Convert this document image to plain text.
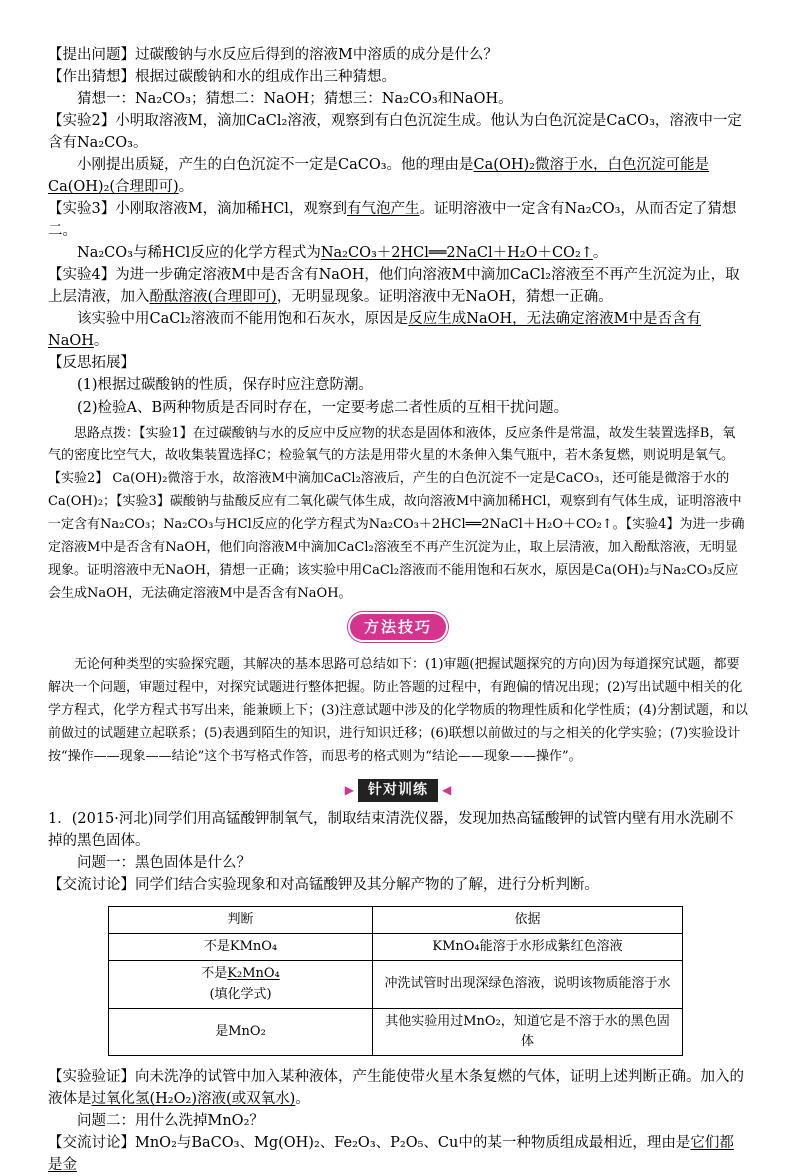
【提出问题】过碳酸钠与水反应后得到的溶液M中溶质的成分是什么？

【作出猜想】根据过碳酸钠和水的组成作出三种猜想。

猜想一：Na₂CO₃；猜想二：NaOH；猜想三：Na₂CO₃和NaOH。

【实验2】小明取溶液M，滴加CaCl₂溶液，观察到有白色沉淀生成。他认为白色沉淀是CaCO₃，溶液中一定含有Na₂CO₃。

小刚提出质疑，产生的白色沉淀不一定是CaCO₃。他的理由是Ca(OH)₂微溶于水，白色沉淀可能是Ca(OH)₂(合理即可)。

【实验3】小刚取溶液M，滴加稀HCl，观察到有气泡产生。证明溶液中一定含有Na₂CO₃，从而否定了猜想二。

Na₂CO₃与稀HCl反应的化学方程式为Na₂CO₃＋2HCl══2NaCl＋H₂O＋CO₂↑。

【实验4】为进一步确定溶液M中是否含有NaOH，他们向溶液M中滴加CaCl₂溶液至不再产生沉淀为止，取上层清液，加入酚酞溶液(合理即可)，无明显现象。证明溶液中无NaOH，猜想一正确。

该实验中用CaCl₂溶液而不能用饱和石灰水，原因是反应生成NaOH，无法确定溶液M中是否含有NaOH。

【反思拓展】

(1)根据过碳酸钠的性质，保存时应注意防潮。

(2)检验A、B两种物质是否同时存在，一定要考虑二者性质的互相干扰问题。

思路点拨：【实验1】在过碳酸钠与水的反应中反应物的状态是固体和液体，反应条件是常温，故发生装置选择B，氧气的密度比空气大，故收集装置选择C；检验氧气的方法是用带火星的木条伸入集气瓶中，若木条复燃，则说明是氧气。【实验2】 Ca(OH)₂微溶于水，故溶液M中滴加CaCl₂溶液后，产生的白色沉淀不一定是CaCO₃，还可能是微溶于水的Ca(OH)₂；【实验3】碳酸钠与盐酸反应有二氧化碳气体生成，故向溶液M中滴加稀HCl，观察到有气体生成，证明溶液中一定含有Na₂CO₃；Na₂CO₃与HCl反应的化学方程式为Na₂CO₃＋2HCl══2NaCl＋H₂O＋CO₂↑。【实验4】为进一步确定溶液M中是否含有NaOH，他们向溶液M中滴加CaCl₂溶液至不再产生沉淀为止，取上层清液，加入酚酞溶液，无明显现象。证明溶液中无NaOH，猜想一正确；该实验中用CaCl₂溶液而不能用饱和石灰水，原因是Ca(OH)₂与Na₂CO₃反应会生成NaOH，无法确定溶液M中是否含有NaOH。

方法技巧

无论何种类型的实验探究题，其解决的基本思路可总结如下：(1)审题(把握试题探究的方向)因为每道探究试题，都要解决一个问题，审题过程中，对探究试题进行整体把握。防止答题的过程中，有跑偏的情况出现；(2)写出试题中相关的化学方程式，化学方程式书写出来，能兼顾上下；(3)注意试题中涉及的化学物质的物理性质和化学性质；(4)分割试题，和以前做过的试题建立起联系；(5)表遇到陌生的知识，进行知识迁移；(6)联想以前做过的与之相关的化学实验；(7)实验设计按“操作——现象——结论”这个书写格式作答，而思考的格式则为“结论——现象——操作”。

▶ 针对训练 ◀

1．(2015·河北)同学们用高锰酸钾制氧气，制取结束清洗仪器，发现加热高锰酸钾的试管内壁有用水洗刷不掉的黑色固体。

问题一：黑色固体是什么？

【交流讨论】同学们结合实验现象和对高锰酸钾及其分解产物的了解，进行分析判断。

判断	依据
不是KMnO₄	KMnO₄能溶于水形成紫红色溶液
不是K₂MnO₄
(填化学式)	冲洗试管时出现深绿色溶液，说明该物质能溶于水
是MnO₂	其他实验用过MnO₂，知道它是不溶于水的黑色固体

【实验验证】向未洗净的试管中加入某种液体，产生能使带火星木条复燃的气体，证明上述判断正确。加入的液体是过氧化氢(H₂O₂)溶液(或双氧水)。

问题二：用什么洗掉MnO₂？

【交流讨论】MnO₂与BaCO₃、Mg(OH)₂、Fe₂O₃、P₂O₅、Cu中的某一种物质组成最相近，理由是它们都是金
